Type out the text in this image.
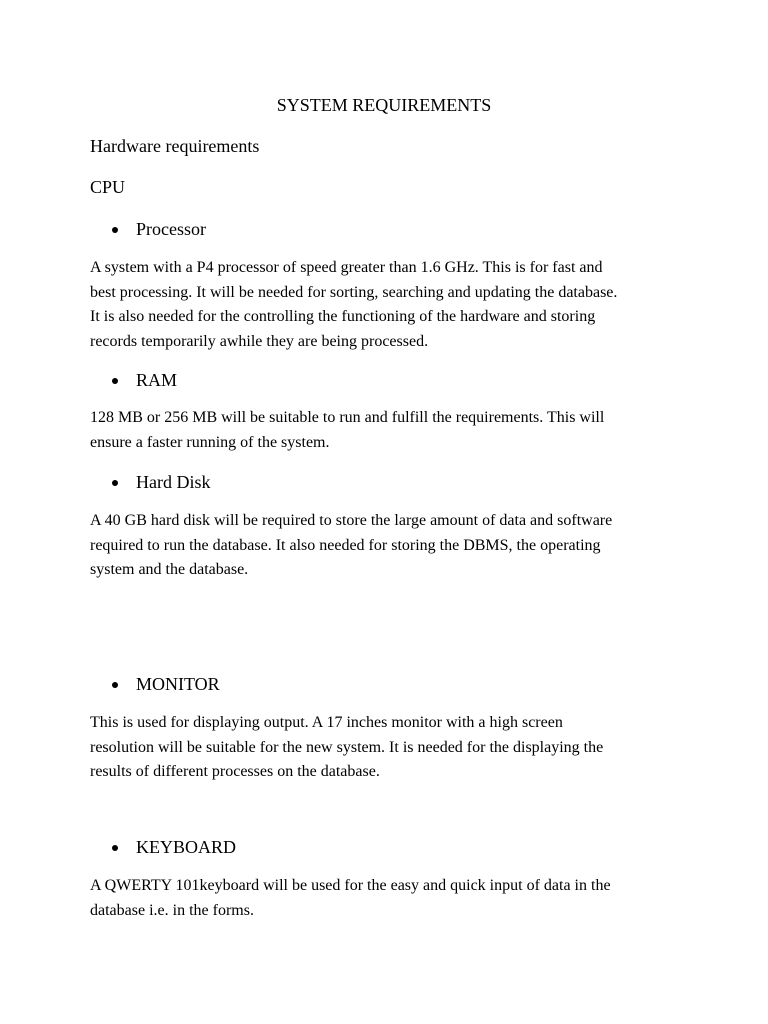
SYSTEM REQUIREMENTS
Hardware requirements
CPU
Processor
A system with a P4 processor of speed greater than 1.6 GHz. This is for fast and
best processing. It will be needed for sorting, searching and updating the database.
It is also needed for the controlling the functioning of the hardware and storing
records temporarily awhile they are being processed.
RAM
128 MB or 256 MB will be suitable to run and fulfill the requirements. This will
ensure a faster running of the system.
Hard Disk
A 40 GB hard disk will be required to store the large amount of data and software
required to run the database. It also needed for storing the DBMS, the operating
system and the database.
MONITOR
This is used for displaying output. A 17 inches monitor with a high screen
resolution will be suitable for the new system. It is needed for the displaying the
results of different processes on the database.
KEYBOARD
A QWERTY 101keyboard will be used for the easy and quick input of data in the
database i.e. in the forms.
